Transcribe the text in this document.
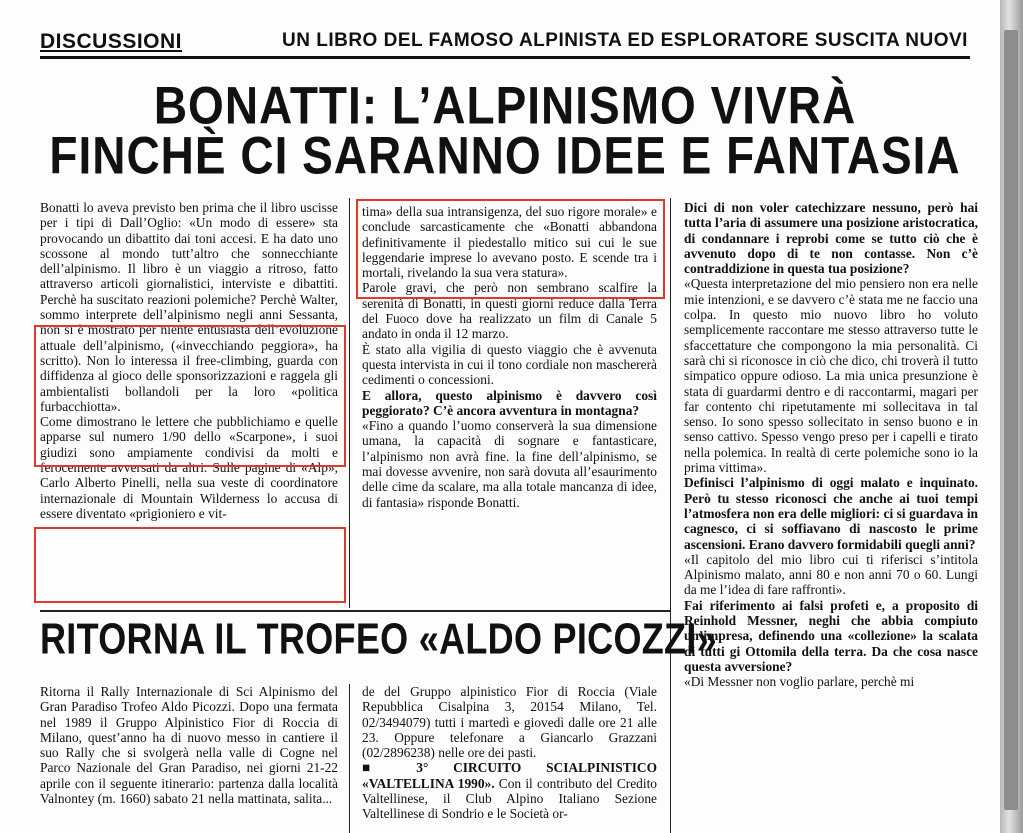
DISCUSSIONI	UN LIBRO DEL FAMOSO ALPINISTA ED ESPLORATORE SUSCITA NUOVI
BONATTI: L’ALPINISMO VIVRÀ
FINCHÈ CI SARANNO IDEE E FANTASIA

Bonatti lo aveva previsto ben prima che il libro uscisse per i tipi di Dall’Oglio: «Un modo di essere» sta provocando un dibattito dai toni accesi. E ha dato uno scossone al mondo tutt’altro che sonnecchiante dell’alpinismo. Il libro è un viaggio a ritroso, fatto attraverso articoli giornalistici, interviste e dibattiti. Perchè ha suscitato reazioni polemiche? Perchè Walter, sommo interprete dell’alpinismo negli anni Sessanta, non si è mostrato per niente entusiasta dell’evoluzione attuale dell’alpinismo, («invecchiando peggiora», ha scritto). Non lo interessa il free-climbing, guarda con diffidenza al gioco delle sponsorizzazioni e raggela gli ambientalisti bollandoli per la loro «politica furbacchiotta».

Come dimostrano le lettere che pubblichiamo e quelle apparse sul numero 1/90 dello «Scarpone», i suoi giudizi sono ampiamente condivisi da molti e ferocemente avversati da altri. Sulle pagine di «Alp», Carlo Alberto Pinelli, nella sua veste di coordinatore internazionale di Mountain Wilderness lo accusa di essere diventato «prigioniero e vit-

tima» della sua intransigenza, del suo rigore morale» e conclude sarcasticamente che «Bonatti abbandona definitivamente il piedestallo mitico sui cui le sue leggendarie imprese lo avevano posto. E scende tra i mortali, rivelando la sua vera statura».

Parole gravi, che però non sembrano scalfire la serenità di Bonatti, in questi giorni reduce dalla Terra del Fuoco dove ha realizzato un film di Canale 5 andato in onda il 12 marzo.

È stato alla vigilia di questo viaggio che è avvenuta questa intervista in cui il tono cordiale non maschererà cedimenti o concessioni.

E allora, questo alpinismo è davvero così peggiorato? C’è ancora avventura in montagna?

«Fino a quando l’uomo conserverà la sua dimensione umana, la capacità di sognare e fantasticare, l’alpinismo non avrà fine. la fine dell’alpinismo, se mai dovesse avvenire, non sarà dovuta all’esaurimento delle cime da scalare, ma alla totale mancanza di idee, di fantasia» risponde Bonatti.

Dici di non voler catechizzare nessuno, però hai tutta l’aria di assumere una posizione aristocratica, di condannare i reprobi come se tutto ciò che è avvenuto dopo di te non contasse. Non c’è contraddizione in questa tua posizione?

«Questa interpretazione del mio pensiero non era nelle mie intenzioni, e se davvero c’è stata me ne faccio una colpa. In questo mio nuovo libro ho voluto semplicemente raccontare me stesso attraverso tutte le sfaccettature che compongono la mia personalità. Ci sarà chi si riconosce in ciò che dico, chi troverà il tutto simpatico oppure odioso. La mia unica presunzione è stata di guardarmi dentro e di raccontarmi, magari per far contento chi ripetutamente mi sollecitava in tal senso. Io sono spesso sollecitato in senso buono e in senso cattivo. Spesso vengo preso per i capelli e tirato nella polemica. In realtà di certe polemiche sono io la prima vittima».

Definisci l’alpinismo di oggi malato e inquinato. Però tu stesso riconosci che anche ai tuoi tempi l’atmosfera non era delle migliori: ci si guardava in cagnesco, ci si soffiavano di nascosto le prime ascensioni. Erano davvero formidabili quegli anni?

«Il capitolo del mio libro cui ti riferisci s’intitola Alpinismo malato, anni 80 e non anni 70 o 60. Lungi da me l’idea di fare raffronti».

Fai riferimento ai falsi profeti e, a proposito di Reinhold Messner, neghi che abbia compiuto un’impresa, definendo una «collezione» la scalata di tutti gi Ottomila della terra. Da che cosa nasce questa avversione?

«Di Messner non voglio parlare, perchè mi

RITORNA IL TROFEO «ALDO PICOZZI»

Ritorna il Rally Internazionale di Sci Alpinismo del Gran Paradiso Trofeo Aldo Picozzi. Dopo una fermata nel 1989 il Gruppo Alpinistico Fior di Roccia di Milano, quest’anno ha di nuovo messo in cantiere il suo Rally che si svolgerà nella valle di Cogne nel Parco Nazionale del Gran Paradiso, nei giorni 21-22 aprile con il seguente itinerario: partenza dalla località Valnontey (m. 1660) sabato 21 nella mattinata, salita...

de del Gruppo alpinistico Fior di Roccia (Viale Repubblica Cisalpina 3, 20154 Milano, Tel. 02/3494079) tutti i martedì e giovedì dalle ore 21 alle 23. Oppure telefonare a Giancarlo Grazzani (02/2896238) nelle ore dei pasti.

■ 3° CIRCUITO SCIALPINISTICO «VALTELLINA 1990». Con il contributo del Credito Valtellinese, il Club Alpino Italiano Sezione Valtellinese di Sondrio e le Società or-
